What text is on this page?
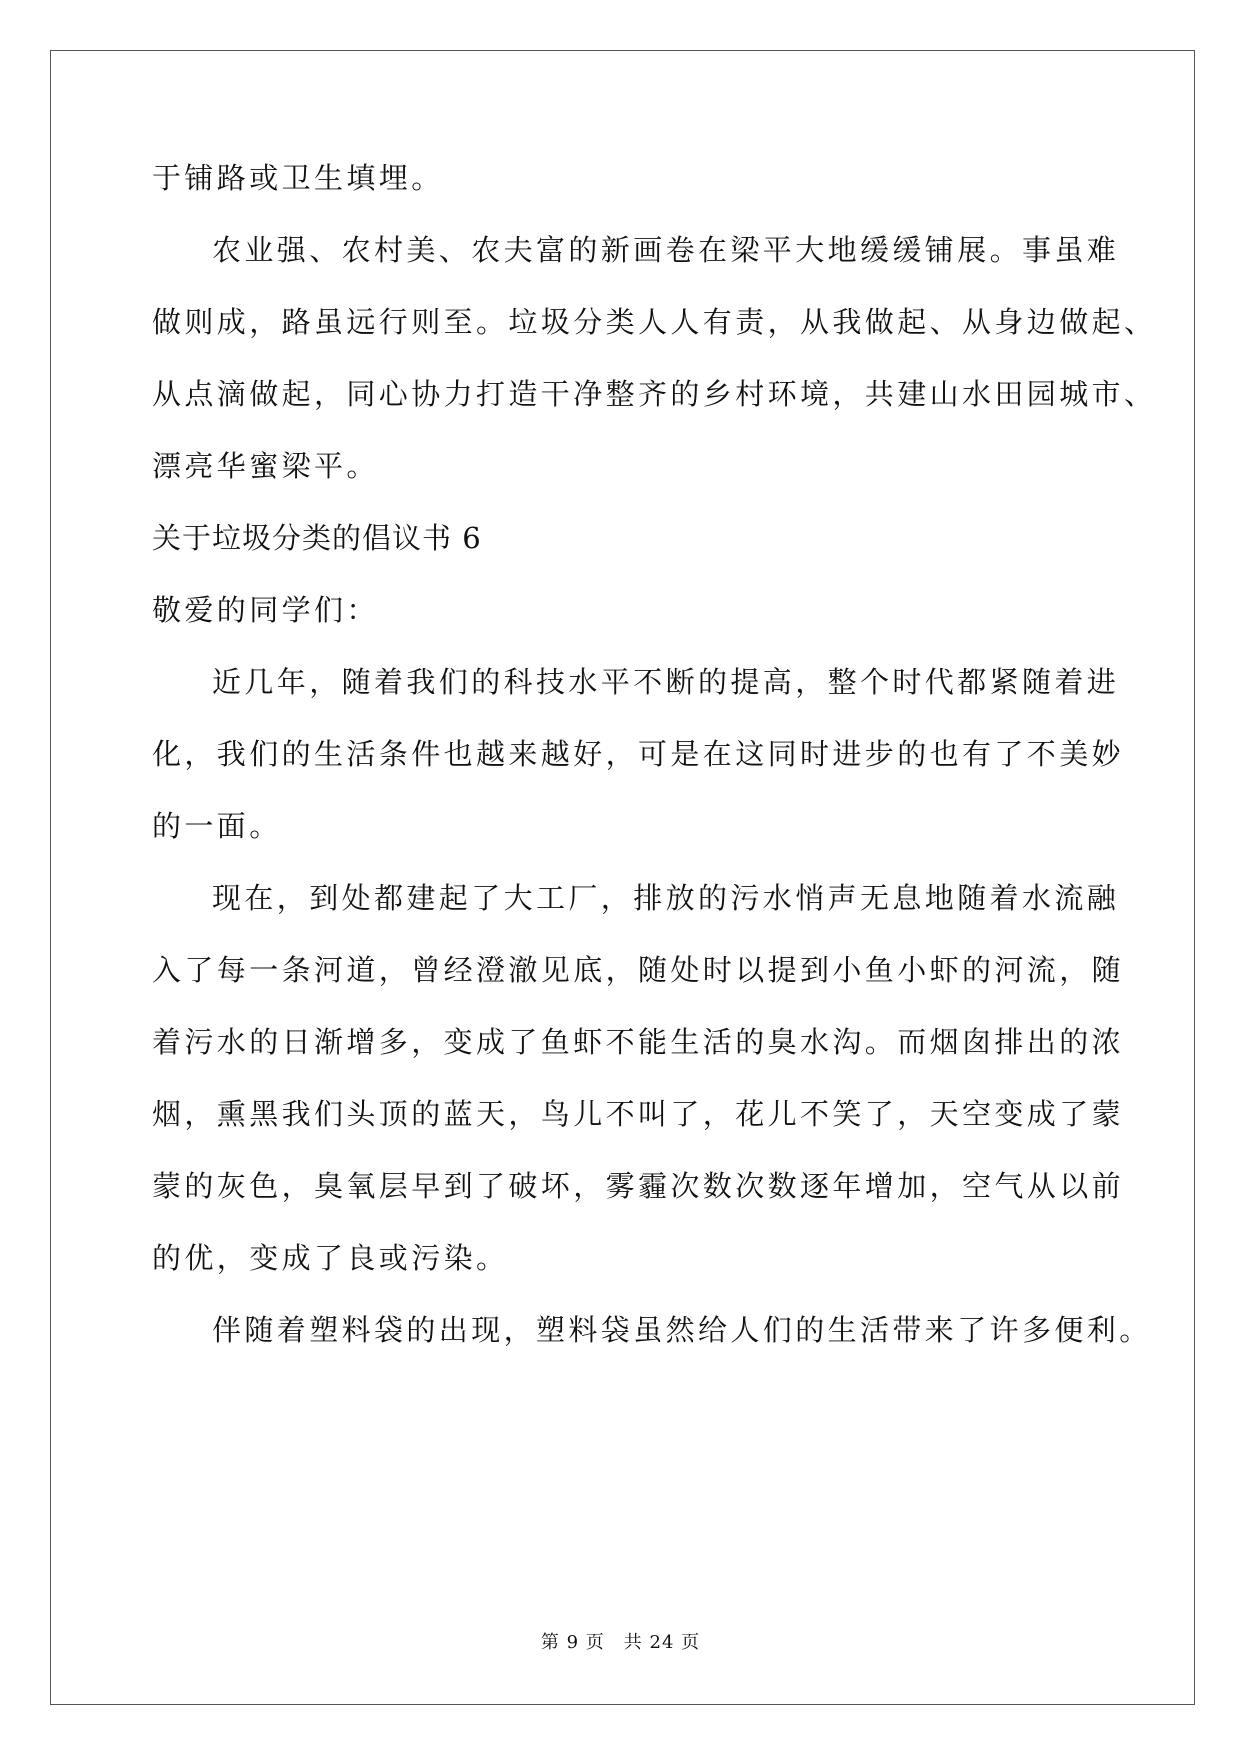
于铺路或卫生填埋。
农业强、农村美、农夫富的新画卷在梁平大地缓缓铺展。事虽难
做则成，路虽远行则至。垃圾分类人人有责，从我做起、从身边做起、
从点滴做起，同心协力打造干净整齐的乡村环境，共建山水田园城市、
漂亮华蜜梁平。
关于垃圾分类的倡议书 6
敬爱的同学们：
近几年，随着我们的科技水平不断的提高，整个时代都紧随着进
化，我们的生活条件也越来越好，可是在这同时进步的也有了不美妙
的一面。
现在，到处都建起了大工厂，排放的污水悄声无息地随着水流融
入了每一条河道，曾经澄澈见底，随处时以提到小鱼小虾的河流，随
着污水的日渐增多，变成了鱼虾不能生活的臭水沟。而烟囱排出的浓
烟，熏黑我们头顶的蓝天，鸟儿不叫了，花儿不笑了，天空变成了蒙
蒙的灰色，臭氧层早到了破坏，雾霾次数次数逐年增加，空气从以前
的优，变成了良或污染。
伴随着塑料袋的出现，塑料袋虽然给人们的生活带来了许多便利。
第 9 页　共 24 页
